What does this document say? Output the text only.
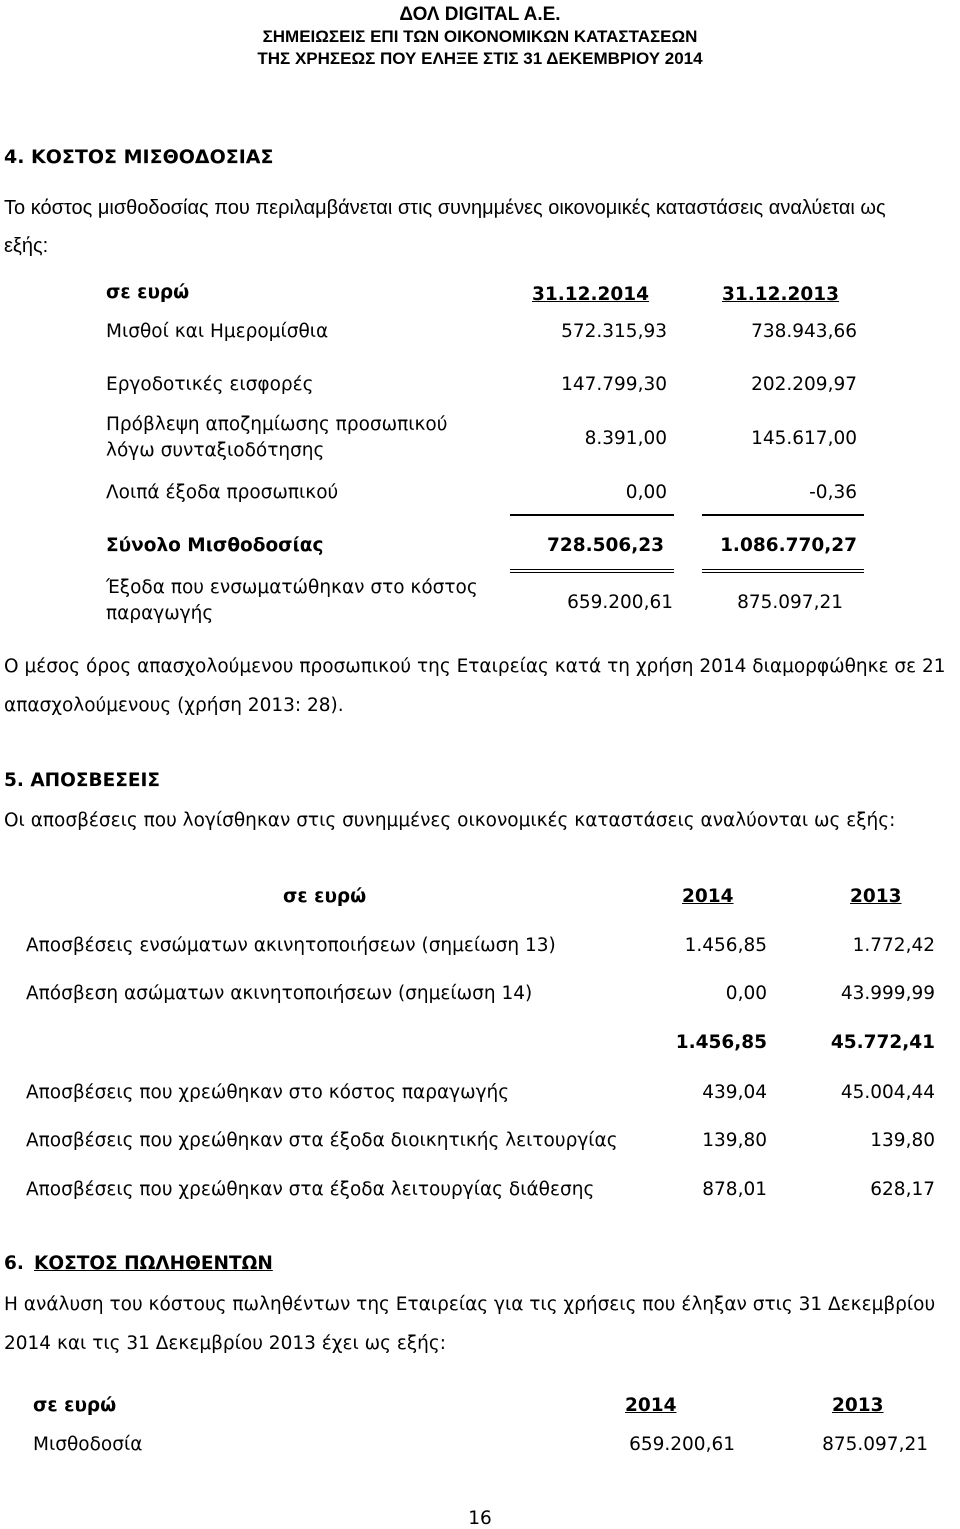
ΔΟΛ DIGITAL A.E.
ΣΗΜΕΙΩΣΕΙΣ ΕΠΙ ΤΩΝ ΟΙΚΟΝΟΜΙΚΩΝ ΚΑΤΑΣΤΑΣΕΩΝ
ΤΗΣ ΧΡΗΣΕΩΣ ΠΟΥ ΕΛΗΞΕ ΣΤΙΣ 31 ΔΕΚΕΜΒΡΙΟΥ 2014
4. ΚΟΣΤΟΣ ΜΙΣΘΟΔΟΣΙΑΣ
Το κόστος μισθοδοσίας που περιλαμβάνεται στις συνημμένες οικονομικές καταστάσεις αναλύεται ως
εξής:
σε ευρώ	31.12.2014	31.12.2013
Μισθοί και Ημερομίσθια	572.315,93	738.943,66
Εργοδοτικές εισφορές	147.799,30	202.209,97
Πρόβλεψη αποζημίωσης προσωπικού
λόγω συνταξιοδότησης
8.391,00	145.617,00
Λοιπά έξοδα προσωπικού	0,00	-0,36
Σύνολο Μισθοδοσίας	728.506,23	1.086.770,27
Έξοδα που ενσωματώθηκαν στο κόστος
παραγωγής
659.200,61	875.097,21
Ο μέσος όρος απασχολούμενου προσωπικού της Εταιρείας κατά τη χρήση 2014 διαμορφώθηκε σε 21
απασχολούμενους (χρήση 2013: 28).
5. ΑΠΟΣΒΕΣΕΙΣ
Οι αποσβέσεις που λογίσθηκαν στις συνημμένες οικονομικές καταστάσεις αναλύονται ως εξής:
σε ευρώ	2014	2013
Αποσβέσεις ενσώματων ακινητοποιήσεων (σημείωση 13)	1.456,85	1.772,42
Απόσβεση ασώματων ακινητοποιήσεων (σημείωση 14)	0,00	43.999,99
1.456,85	45.772,41
Αποσβέσεις που χρεώθηκαν στο κόστος παραγωγής	439,04	45.004,44
Αποσβέσεις που χρεώθηκαν στα έξοδα διοικητικής λειτουργίας	139,80	139,80
Αποσβέσεις που χρεώθηκαν στα έξοδα λειτουργίας διάθεσης	878,01	628,17
6. ΚΟΣΤΟΣ ΠΩΛΗΘΕΝΤΩΝ
Η ανάλυση του κόστους πωληθέντων της Εταιρείας για τις χρήσεις που έληξαν στις 31 Δεκεμβρίου
2014 και τις 31 Δεκεμβρίου 2013 έχει ως εξής:
σε ευρώ	2014	2013
Μισθοδοσία	659.200,61	875.097,21
16
